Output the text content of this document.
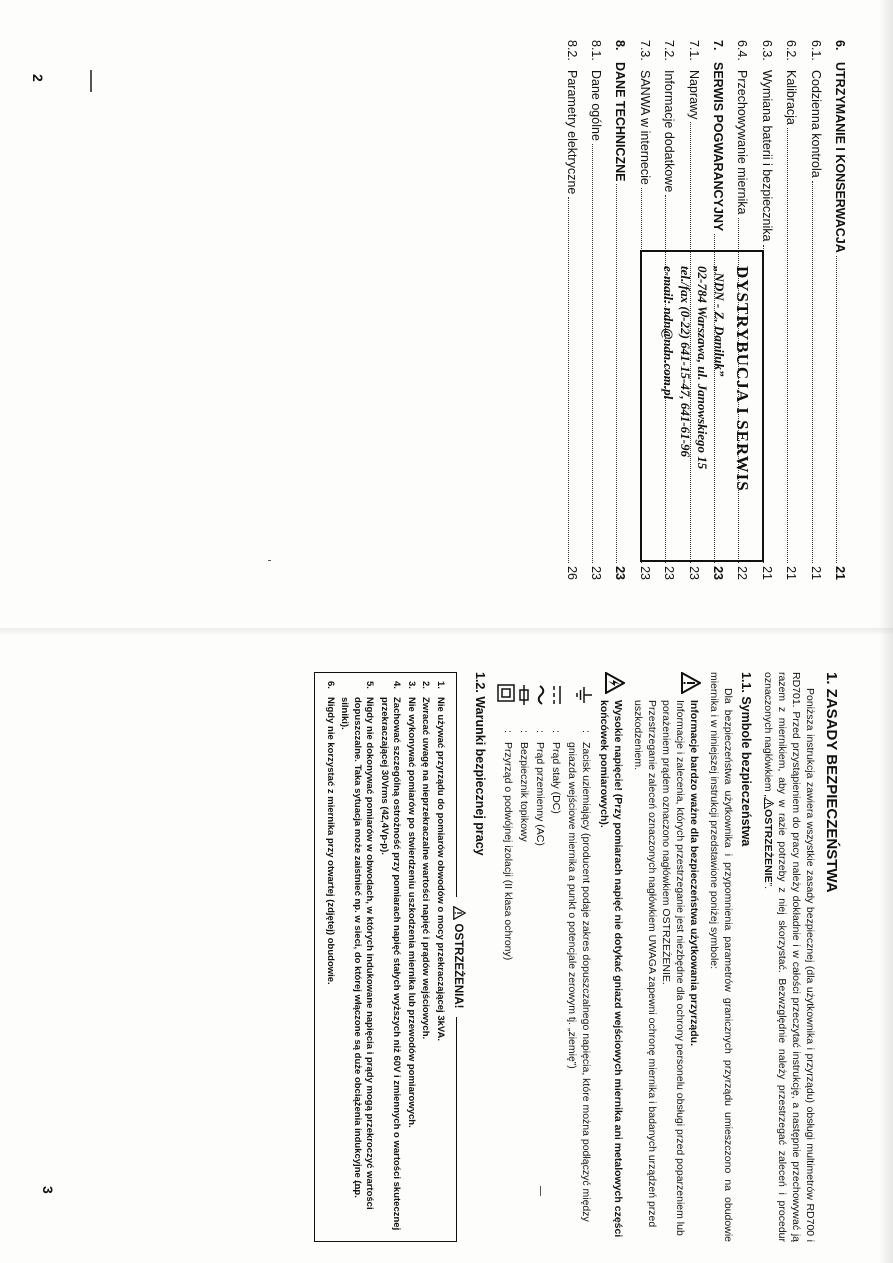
2
3
6.
UTRZYMANIE I KONSERWACJA
21
6.1.
Codzienna kontrola
21
6.2.
Kalibracja
21
6.3.
Wymiana baterii i bezpiecznika
21
6.4.
Przechowywanie miernika
22
7.
SERWIS POGWARANCYJNY
23
7.1.
Naprawy
23
7.2.
Informacje dodatkowe
23
7.3.
SANWA w internecie
23
8.
DANE TECHNICZNE
23
8.1.
Dane ogólne
23
8.2.
Parametry elektryczne
26
DYSTRYBUCJA I SERWIS
„NDN - Z. Daniluk”
02-784 Warszawa, ul. Janowskiego 15
tel./fax (0-22) 641-15-47, 641-61-96
e-mail: ndn@ndn.com.pl
1. ZASADY BEZPIECZEŃSTWA

Poniższa instrukcja zawiera wszystkie zasady bezpiecznej (dla użytkownika i przyrządu) obsługi multimetrów RD700 i RD701. Przed przystąpieniem do pracy należy dokładnie i w całości przeczytać instrukcję, a następnie przechowywać ją razem z miernikiem, aby w razie potrzeby z niej skorzystać. Bezwzględnie należy przestrzegać zaleceń i procedur oznaczonych nagłówkiem „OSTRZEŻENIE”.

1.1. Symbole bezpieczeństwa

Dla bezpieczeństwa użytkownika i przypomnienia parametrów granicznych przyrządu umieszczono na obudowie miernika i w niniejszej instrukcji przedstawione poniżej symbole:

Informacje bardzo ważne dla bezpieczeństwa użytkowania przyrządu.
Informacje i zalecenia, których przestrzeganie jest niezbędne dla ochrony personelu obsługi przed poparzeniem lub porażeniem prądem oznaczono nagłówkiem OSTRZEŻENIE.
Przestrzeganie zaleceń oznaczonych nagłówkiem UWAGA zapewni ochronę miernika i badanych urządzeń przed uszkodzeniem.
Wysokie napięcie! (Przy pomiarach napięć nie dotykać gniazd wejściowych miernika ani metalowych części końcówek pomiarowych).
:
Zacisk uziemiający (producent podaje zakres dopuszczalnego napięcia, które można podłączyć między gniazda wejściowe miernika a punkt o potencjale zerowym tj. „ziemię”)
:
Prąd stały (DC)
:
Prąd przemienny (AC)
:
Bezpiecznik topikowy
:
Przyrząd o podwójnej izolacji (II klasa ochrony)
1.2. Warunki bezpiecznej pracy
OSTRZEŻENIA!
1.
Nie używać przyrządu do pomiarów obwodów o mocy przekraczającej 3kVA.
2.
Zwracać uwagę na nieprzekraczalne wartości napięć i prądów wejściowych.
3.
Nie wykonywać pomiarów po stwierdzeniu uszkodzenia miernika lub przewodów pomiarowych.
4.
Zachować szczególną ostrożność przy pomiarach napięć stałych wyższych niż 60V i zmiennych o wartości skutecznej przekraczającej 30Vrms (42,4Vp-p).
5.
Nigdy nie dokonywać pomiarów w obwodach, w których indukowane napięcia i prądy mogą przekroczyć wartości dopuszczalne. Taka sytuacja może zaistnieć np. w sieci, do której włączone są duże obciążenia indukcyjne (np. silniki).
6.
Nigdy nie korzystać z miernika przy otwartej (zdjętej) obudowie.
